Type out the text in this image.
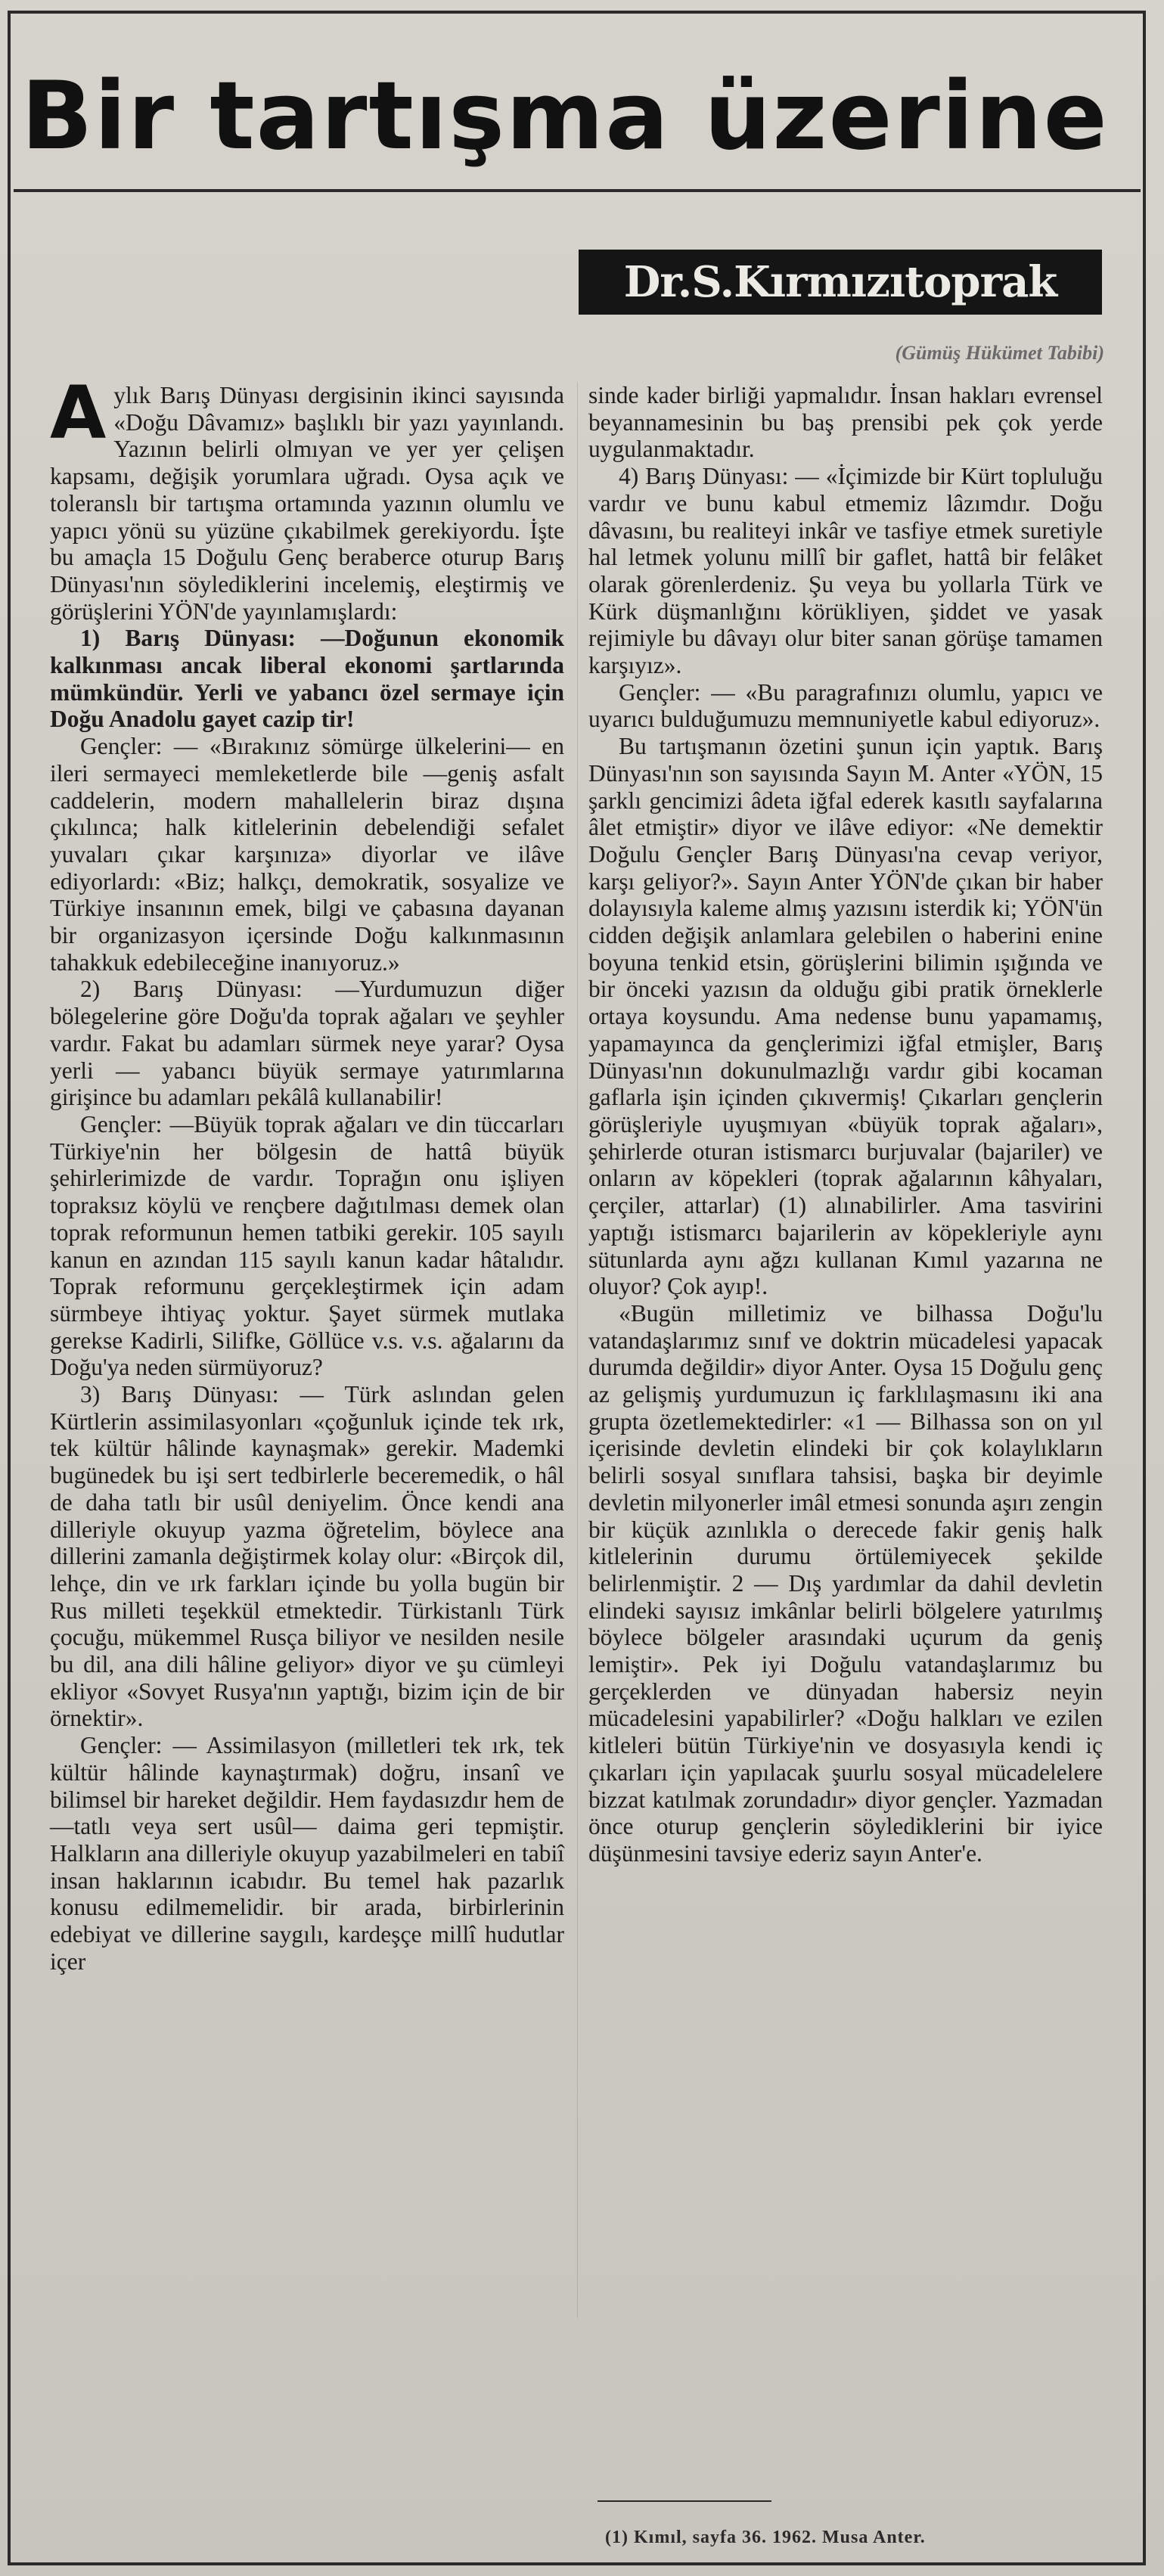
Bir tartışma üzerine
Dr.S.Kırmızıtoprak
(Gümüş Hükümet Tabibi)

Aylık Barış Dünyası dergisinin ikinci sayısında «Doğu Dâvamız» başlıklı bir yazı yayınlandı. Yazının belirli olmıyan ve yer yer çelişen kapsamı, değişik yorumlara uğradı. Oysa açık ve toleranslı bir tartışma ortamında yazının olumlu ve yapıcı yönü su yüzüne çıkabilmek gerekiyordu. İşte bu amaçla 15 Doğulu Genç beraberce oturup Barış Dünyası'nın söylediklerini incelemiş, eleştirmiş ve görüşlerini YÖN'de yayınlamışlardı:

1) Barış Dünyası: —Doğunun ekonomik kalkınması ancak liberal ekonomi şartlarında mümkündür. Yerli ve yabancı özel sermaye için Doğu Anadolu gayet cazip tir!

Gençler: — «Bırakınız sömürge ülkelerini— en ileri sermayeci memleketlerde bile —geniş asfalt caddelerin, modern mahallelerin biraz dışına çıkılınca; halk kitlelerinin debelendiği sefalet yuvaları çıkar karşınıza» diyorlar ve ilâve ediyorlardı: «Biz; halkçı, demokratik, sosyalize ve Türkiye insanının emek, bilgi ve çabasına dayanan bir organizasyon içersinde Doğu kalkınmasının tahakkuk edebileceğine inanıyoruz.»

2) Barış Dünyası: —Yurdumuzun diğer bölegelerine göre Doğu'da toprak ağaları ve şeyhler vardır. Fakat bu adamları sürmek neye yarar? Oysa yerli — yabancı büyük sermaye yatırımlarına girişince bu adamları pekâlâ kullanabilir!

Gençler: —Büyük toprak ağaları ve din tüccarları Türkiye'nin her bölgesin de hattâ büyük şehirlerimizde de vardır. Toprağın onu işliyen topraksız köylü ve rençbere dağıtılması demek olan toprak reformunun hemen tatbiki gerekir. 105 sayılı kanun en azından 115 sayılı kanun kadar hâtalıdır. Toprak reformunu gerçekleştirmek için adam sürmbeye ihtiyaç yoktur. Şayet sürmek mutlaka gerekse Kadirli, Silifke, Göllüce v.s. v.s. ağalarını da Doğu'ya neden sürmüyoruz?

3) Barış Dünyası: — Türk aslından gelen Kürtlerin assimilasyonları «çoğunluk içinde tek ırk, tek kültür hâlinde kaynaşmak» gerekir. Mademki bugünedek bu işi sert tedbirlerle beceremedik, o hâl de daha tatlı bir usûl deniyelim. Önce kendi ana dilleriyle okuyup yazma öğretelim, böylece ana dillerini zamanla değiştirmek kolay olur: «Birçok dil, lehçe, din ve ırk farkları içinde bu yolla bugün bir Rus milleti teşekkül etmektedir. Türkistanlı Türk çocuğu, mükemmel Rusça biliyor ve nesilden nesile bu dil, ana dili hâline geliyor» diyor ve şu cümleyi ekliyor «Sovyet Rusya'nın yaptığı, bizim için de bir örnektir».

Gençler: — Assimilasyon (milletleri tek ırk, tek kültür hâlinde kaynaştırmak) doğru, insanî ve bilimsel bir hareket değildir. Hem faydasızdır hem de —tatlı veya sert usûl— daima geri tepmiştir. Halkların ana dilleriyle okuyup yazabilmeleri en tabiî insan haklarının icabıdır. Bu temel hak pazarlık konusu edilmemelidir. bir arada, birbirlerinin edebiyat ve dillerine saygılı, kardeşçe millî hudutlar içer

sinde kader birliği yapmalıdır. İnsan hakları evrensel beyannamesinin bu baş prensibi pek çok yerde uygulanmaktadır.

4) Barış Dünyası: — «İçimizde bir Kürt topluluğu vardır ve bunu kabul etmemiz lâzımdır. Doğu dâvasını, bu realiteyi inkâr ve tasfiye etmek suretiyle hal letmek yolunu millî bir gaflet, hattâ bir felâket olarak görenlerdeniz. Şu veya bu yollarla Türk ve Kürk düşmanlığını körükliyen, şiddet ve yasak rejimiyle bu dâvayı olur biter sanan görüşe tamamen karşıyız».

Gençler: — «Bu paragrafınızı olumlu, yapıcı ve uyarıcı bulduğumuzu memnuniyetle kabul ediyoruz».

Bu tartışmanın özetini şunun için yaptık. Barış Dünyası'nın son sayısında Sayın M. Anter «YÖN, 15 şarklı gencimizi âdeta iğfal ederek kasıtlı sayfalarına âlet etmiştir» diyor ve ilâve ediyor: «Ne demektir Doğulu Gençler Barış Dünyası'na cevap veriyor, karşı geliyor?». Sayın Anter YÖN'de çıkan bir haber dolayısıyla kaleme almış yazısını isterdik ki; YÖN'ün cidden değişik anlamlara gelebilen o haberini enine boyuna tenkid etsin, görüşlerini bilimin ışığında ve bir önceki yazısın da olduğu gibi pratik örneklerle ortaya koysundu. Ama nedense bunu yapamamış, yapamayınca da gençlerimizi iğfal etmişler, Barış Dünyası'nın dokunulmazlığı vardır gibi kocaman gaflarla işin içinden çıkıvermiş! Çıkarları gençlerin görüşleriyle uyuşmıyan «büyük toprak ağaları», şehirlerde oturan istismarcı burjuvalar (bajariler) ve onların av köpekleri (toprak ağalarının kâhyaları, çerçiler, attarlar) (1) alınabilirler. Ama tasvirini yaptığı istismarcı bajarilerin av köpekleriyle aynı sütunlarda aynı ağzı kullanan Kımıl yazarına ne oluyor? Çok ayıp!.

«Bugün milletimiz ve bilhassa Doğu'lu vatandaşlarımız sınıf ve doktrin mücadelesi yapacak durumda değildir» diyor Anter. Oysa 15 Doğulu genç az gelişmiş yurdumuzun iç farklılaşmasını iki ana grupta özetlemektedirler: «1 — Bilhassa son on yıl içerisinde devletin elindeki bir çok kolaylıkların belirli sosyal sınıflara tahsisi, başka bir deyimle devletin milyonerler imâl etmesi sonunda aşırı zengin bir küçük azınlıkla o derecede fakir geniş halk kitlelerinin durumu örtülemiyecek şekilde belirlenmiştir. 2 — Dış yardımlar da dahil devletin elindeki sayısız imkânlar belirli bölgelere yatırılmış böylece bölgeler arasındaki uçurum da geniş lemiştir». Pek iyi Doğulu vatandaşlarımız bu gerçeklerden ve dünyadan habersiz neyin mücadelesini yapabilirler? «Doğu halkları ve ezilen kitleleri bütün Türkiye'nin ve dosyasıyla kendi iç çıkarları için yapılacak şuurlu sosyal mücadelelere bizzat katılmak zorundadır» diyor gençler. Yazmadan önce oturup gençlerin söylediklerini bir iyice düşünmesini tavsiye ederiz sayın Anter'e.

(1) Kımıl, sayfa 36. 1962. Musa Anter.
